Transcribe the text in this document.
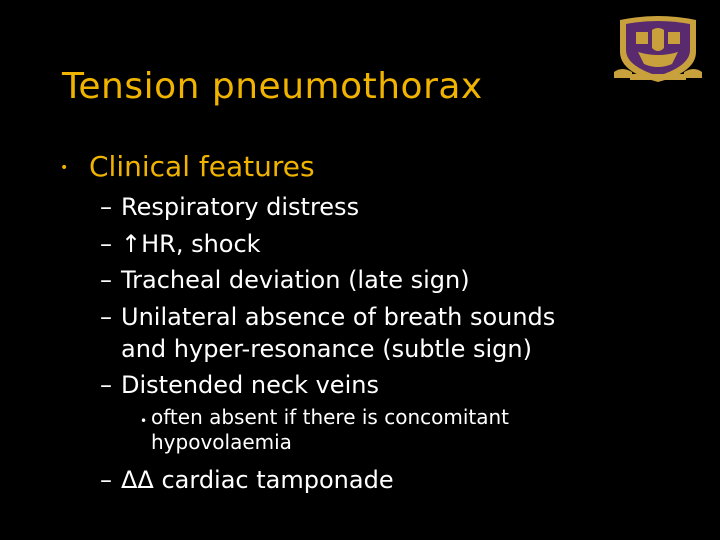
Tension pneumothorax
• Clinical features
– Respiratory distress
– ↑HR, shock
– Tracheal deviation (late sign)
– Unilateral absence of breath sounds
and hyper-resonance (subtle sign)
– Distended neck veins
• often absent if there is concomitant
hypovolaemia
– ΔΔ cardiac tamponade
